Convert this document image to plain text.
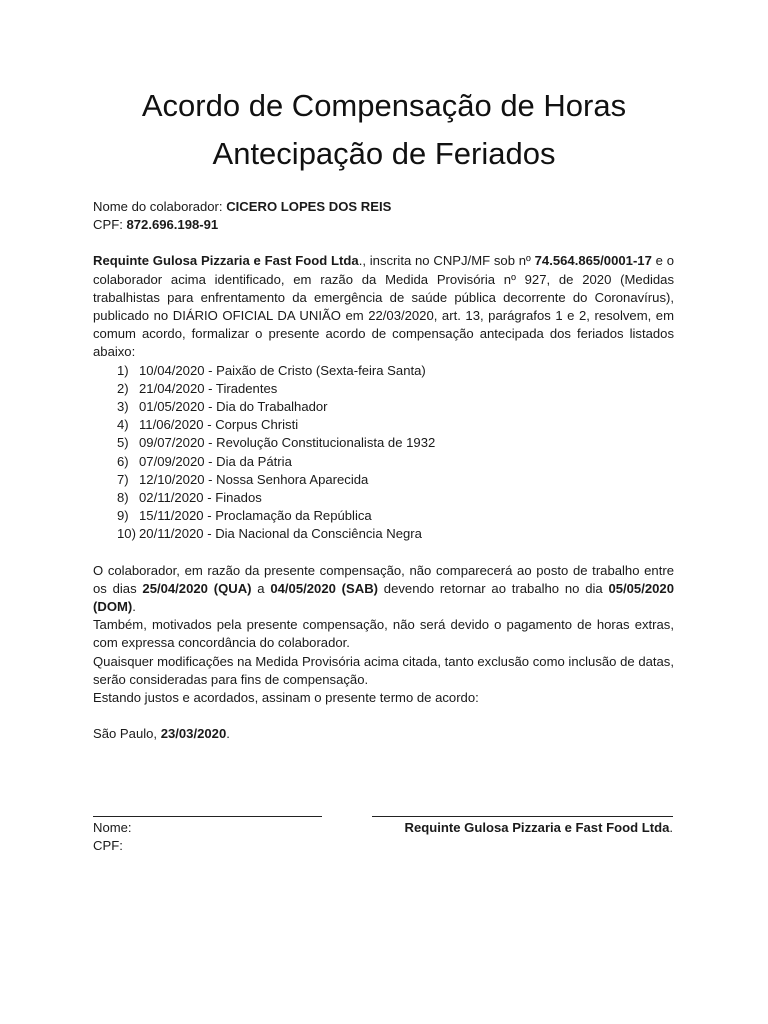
Acordo de Compensação de Horas
Antecipação de Feriados

Nome do colaborador: CICERO LOPES DOS REIS

CPF: 872.696.198-91

Requinte Gulosa Pizzaria e Fast Food Ltda., inscrita no CNPJ/MF sob nº 74.564.865/0001-17 e o colaborador acima identificado, em razão da Medida Provisória nº 927, de 2020 (Medidas trabalhistas para enfrentamento da emergência de saúde pública decorrente do Coronavírus), publicado no DIÁRIO OFICIAL DA UNIÃO em 22/03/2020, art. 13, parágrafos 1 e 2, resolvem, em comum acordo, formalizar o presente acordo de compensação antecipada dos feriados listados abaixo:

1) 10/04/2020 - Paixão de Cristo (Sexta-feira Santa)
2) 21/04/2020 - Tiradentes
3) 01/05/2020 - Dia do Trabalhador
4) 11/06/2020 - Corpus Christi
5) 09/07/2020 - Revolução Constitucionalista de 1932
6) 07/09/2020 - Dia da Pátria
7) 12/10/2020 - Nossa Senhora Aparecida
8) 02/11/2020 - Finados
9) 15/11/2020 - Proclamação da República
10) 20/11/2020 - Dia Nacional da Consciência Negra

O colaborador, em razão da presente compensação, não comparecerá ao posto de trabalho entre os dias 25/04/2020 (QUA) a 04/05/2020 (SAB) devendo retornar ao trabalho no dia 05/05/2020 (DOM).

Também, motivados pela presente compensação, não será devido o pagamento de horas extras, com expressa concordância do colaborador.

Quaisquer modificações na Medida Provisória acima citada, tanto exclusão como inclusão de datas, serão consideradas para fins de compensação.

Estando justos e acordados, assinam o presente termo de acordo:

São Paulo, 23/03/2020.

Nome:
CPF:
Requinte Gulosa Pizzaria e Fast Food Ltda.
